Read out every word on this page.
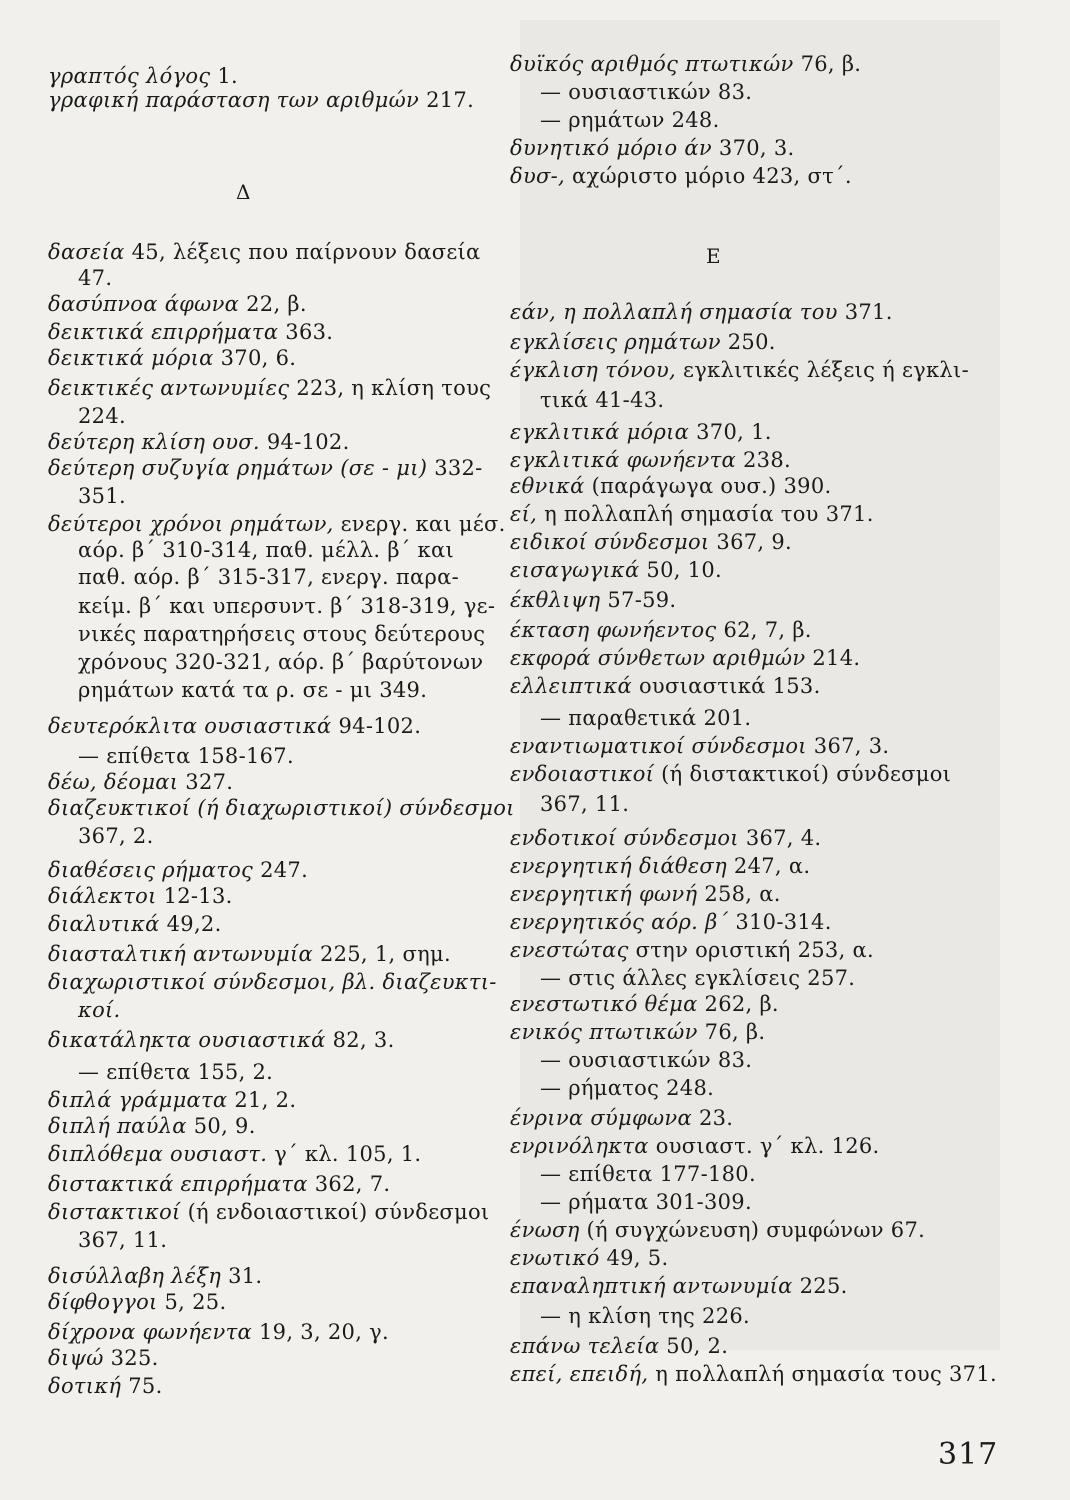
γραπτός λόγος 1.
γραφική παράσταση των αριθμών 217.
δασεία 45, λέξεις που παίρνουν δασεία
47.
δασύπνοα άφωνα 22, β.
δεικτικά επιρρήματα 363.
δεικτικά μόρια 370, 6.
δεικτικές αντωνυμίες 223, η κλίση τους
224.
δεύτερη κλίση ουσ. 94-102.
δεύτερη συζυγία ρημάτων (σε - μι) 332-
351.
δεύτεροι χρόνοι ρημάτων, ενεργ. και μέσ.
αόρ. β΄ 310-314, παθ. μέλλ. β΄ και
παθ. αόρ. β΄ 315-317, ενεργ. παρα-
κείμ. β΄ και υπερσυντ. β΄ 318-319, γε-
νικές παρατηρήσεις στους δεύτερους
χρόνους 320-321, αόρ. β΄ βαρύτονων
ρημάτων κατά τα ρ. σε - μι 349.
δευτερόκλιτα ουσιαστικά 94-102.
— επίθετα 158-167.
δέω, δέομαι 327.
διαζευκτικοί (ή διαχωριστικοί) σύνδεσμοι
367, 2.
διαθέσεις ρήματος 247.
διάλεκτοι 12-13.
διαλυτικά 49,2.
διασταλτική αντωνυμία 225, 1, σημ.
διαχωριστικοί σύνδεσμοι, βλ. διαζευκτι-
κοί.
δικατάληκτα ουσιαστικά 82, 3.
— επίθετα 155, 2.
διπλά γράμματα 21, 2.
διπλή παύλα 50, 9.
διπλόθεμα ουσιαστ. γ΄ κλ. 105, 1.
διστακτικά επιρρήματα 362, 7.
διστακτικοί (ή ενδοιαστικοί) σύνδεσμοι
367, 11.
δισύλλαβη λέξη 31.
δίφθογγοι 5, 25.
δίχρονα φωνήεντα 19, 3, 20, γ.
διψώ 325.
δοτική 75.
Δ
δυϊκός αριθμός πτωτικών 76, β.
— ουσιαστικών 83.
— ρημάτων 248.
δυνητικό μόριο άν 370, 3.
δυσ-, αχώριστο μόριο 423, στ΄.
εάν, η πολλαπλή σημασία του 371.
εγκλίσεις ρημάτων 250.
έγκλιση τόνου, εγκλιτικές λέξεις ή εγκλι-
τικά 41-43.
εγκλιτικά μόρια 370, 1.
εγκλιτικά φωνήεντα 238.
εθνικά (παράγωγα ουσ.) 390.
εί, η πολλαπλή σημασία του 371.
ειδικοί σύνδεσμοι 367, 9.
εισαγωγικά 50, 10.
έκθλιψη 57-59.
έκταση φωνήεντος 62, 7, β.
εκφορά σύνθετων αριθμών 214.
ελλειπτικά ουσιαστικά 153.
— παραθετικά 201.
εναντιωματικοί σύνδεσμοι 367, 3.
ενδοιαστικοί (ή διστακτικοί) σύνδεσμοι
367, 11.
ενδοτικοί σύνδεσμοι 367, 4.
ενεργητική διάθεση 247, α.
ενεργητική φωνή 258, α.
ενεργητικός αόρ. β΄ 310-314.
ενεστώτας στην οριστική 253, α.
— στις άλλες εγκλίσεις 257.
ενεστωτικό θέμα 262, β.
ενικός πτωτικών 76, β.
— ουσιαστικών 83.
— ρήματος 248.
ένρινα σύμφωνα 23.
ενρινόληκτα ουσιαστ. γ΄ κλ. 126.
— επίθετα 177-180.
— ρήματα 301-309.
ένωση (ή συγχώνευση) συμφώνων 67.
ενωτικό 49, 5.
επαναληπτική αντωνυμία 225.
— η κλίση της 226.
επάνω τελεία 50, 2.
επεί, επειδή, η πολλαπλή σημασία τους 371.
Ε
317
